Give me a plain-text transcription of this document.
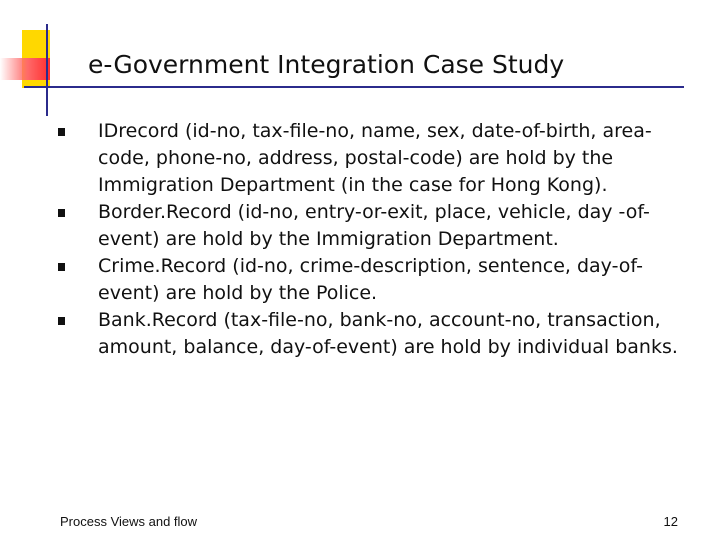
e-Government Integration Case Study
IDrecord (id-no, tax-file-no, name, sex, date-of-birth, area-code, phone-no, address, postal-code) are hold by the Immigration Department (in the case for Hong Kong).
Border.Record (id-no, entry-or-exit, place, vehicle, day -of-event) are hold by the Immigration Department.
Crime.Record (id-no, crime-description, sentence, day-of-event) are hold by the Police.
Bank.Record (tax-file-no, bank-no, account-no, transaction, amount, balance, day-of-event) are hold by individual banks.
Process Views and flow	12
